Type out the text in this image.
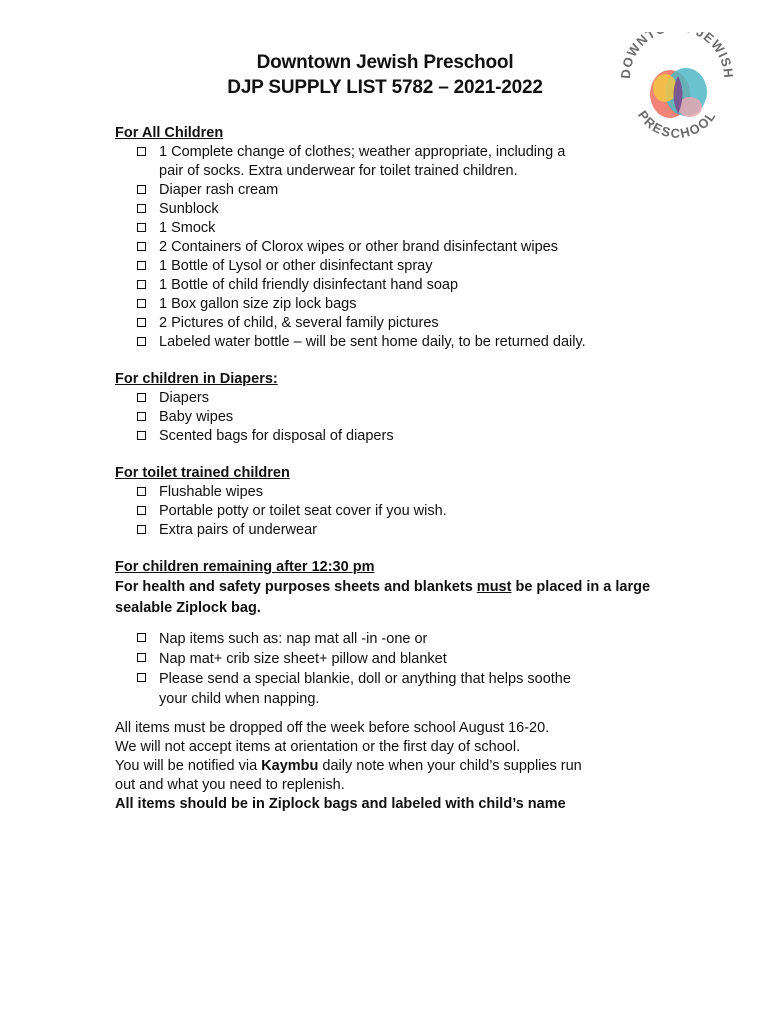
Downtown Jewish Preschool
DJP SUPPLY LIST 5782 – 2021-2022
DOWNT JEWISH
PRESCHOOL
For All Children
1 Complete change of clothes; weather appropriate, including a
pair of socks. Extra underwear for toilet trained children.
Diaper rash cream
Sunblock
1 Smock
2 Containers of Clorox wipes or other brand disinfectant wipes
1 Bottle of Lysol or other disinfectant spray
1 Bottle of child friendly disinfectant hand soap
1 Box gallon size zip lock bags
2 Pictures of child, & several family pictures
Labeled water bottle – will be sent home daily, to be returned daily.
For children in Diapers:
Diapers
Baby wipes
Scented bags for disposal of diapers
For toilet trained children
Flushable wipes
Portable potty or toilet seat cover if you wish.
Extra pairs of underwear
For children remaining after 12:30 pm
For health and safety purposes sheets and blankets must be placed in a large sealable Ziplock bag.
Nap items such as: nap mat all -in -one or
Nap mat+ crib size sheet+ pillow and blanket
Please send a special blankie, doll or anything that helps soothe
your child when napping.
All items must be dropped off the week before school August 16-20.
We will not accept items at orientation or the first day of school.
You will be notified via Kaymbu daily note when your child’s supplies run
out and what you need to replenish.
All items should be in Ziplock bags and labeled with child’s name
